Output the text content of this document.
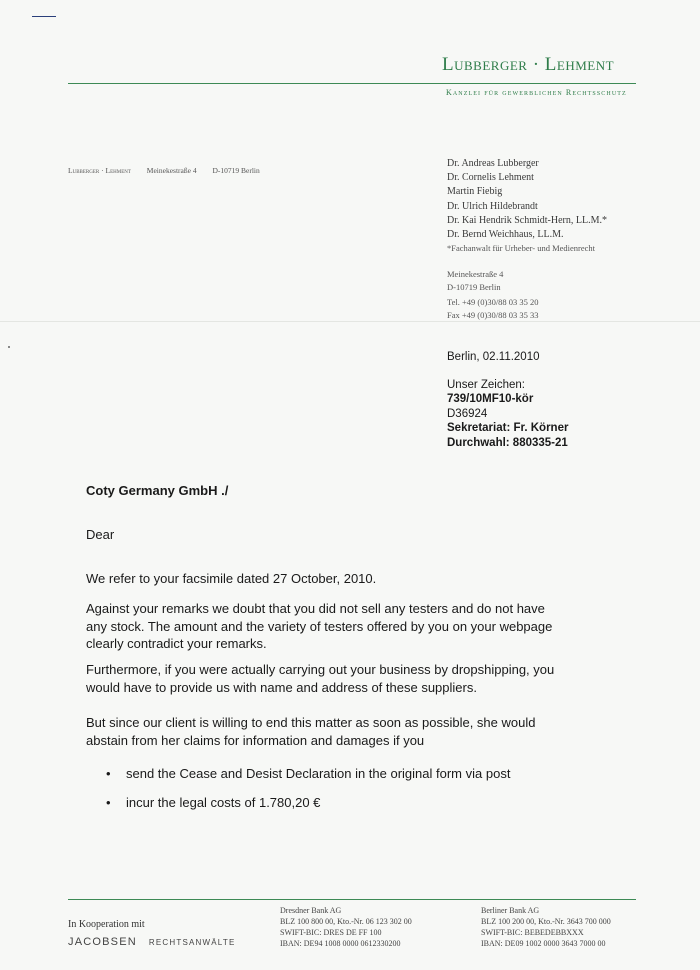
Lubberger · Lehment
Kanzlei für gewerblichen Rechtsschutz
Lubberger · Lehment Meinekestraße 4 D-10719 Berlin
Dr. Andreas Lubberger
Dr. Cornelis Lehment
Martin Fiebig
Dr. Ulrich Hildebrandt
Dr. Kai Hendrik Schmidt-Hern, LL.M.*
Dr. Bernd Weichhaus, LL.M.
*Fachanwalt für Urheber- und Medienrecht
Meinekestraße 4
D-10719 Berlin
Tel. +49 (0)30/88 03 35 20
Fax +49 (0)30/88 03 35 33
Berlin, 02.11.2010
Unser Zeichen:
739/10MF10-kör
D36924
Sekretariat: Fr. Körner
Durchwahl: 880335-21
Coty Germany GmbH ./
Dear
We refer to your facsimile dated 27 October, 2010.
Against your remarks we doubt that you did not sell any testers and do not have any stock. The amount and the variety of testers offered by you on your webpage clearly contradict your remarks.
Furthermore, if you were actually carrying out your business by dropshipping, you would have to provide us with name and address of these suppliers.
But since our client is willing to end this matter as soon as possible, she would abstain from her claims for information and damages if you
• send the Cease and Desist Declaration in the original form via post
• incur the legal costs of 1.780,20 €
In Kooperation mit
JACOBSEN RECHTSANWÄLTE
Dresdner Bank AG
BLZ 100 800 00, Kto.-Nr. 06 123 302 00
SWIFT-BIC: DRES DE FF 100
IBAN: DE94 1008 0000 0612330200
Berliner Bank AG
BLZ 100 200 00, Kto.-Nr. 3643 700 000
SWIFT-BIC: BEBEDEBBXXX
IBAN: DE09 1002 0000 3643 7000 00
